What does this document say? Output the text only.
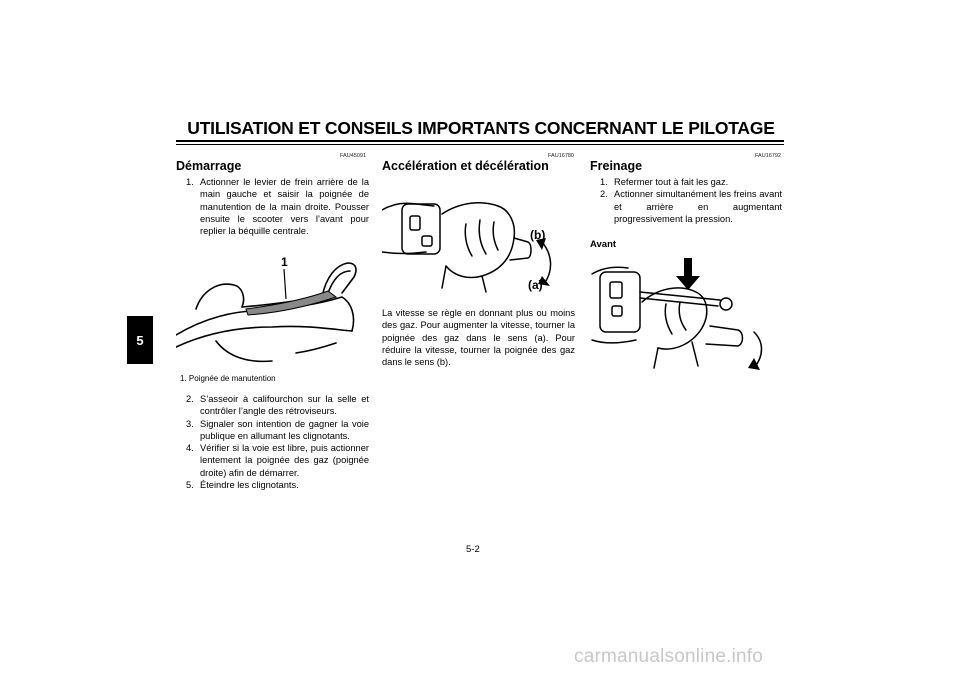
UTILISATION ET CONSEILS IMPORTANTS CONCERNANT LE PILOTAGE
5
FAU45091
Démarrage
1. Actionner le levier de frein arrière de la main gauche et saisir la poignée de manutention de la main droite. Pousser ensuite le scooter vers l’avant pour replier la béquille centrale.
1
1. Poignée de manutention
2. S’asseoir à califourchon sur la selle et contrôler l’angle des rétroviseurs.
3. Signaler son intention de gagner la voie publique en allumant les clignotants.
4. Vérifier si la voie est libre, puis actionner lentement la poignée des gaz (poignée droite) afin de démarrer.
5. Éteindre les clignotants.
FAU16780
Accélération et décélération
(b)
(a)
La vitesse se règle en donnant plus ou moins des gaz. Pour augmenter la vitesse, tourner la poignée des gaz dans le sens (a). Pour réduire la vitesse, tourner la poignée des gaz dans le sens (b).
FAU16792
Freinage
1. Refermer tout à fait les gaz.
2. Actionner simultanément les freins avant et arrière en augmentant progressivement la pression.
Avant
5-2
carmanualsonline.info
